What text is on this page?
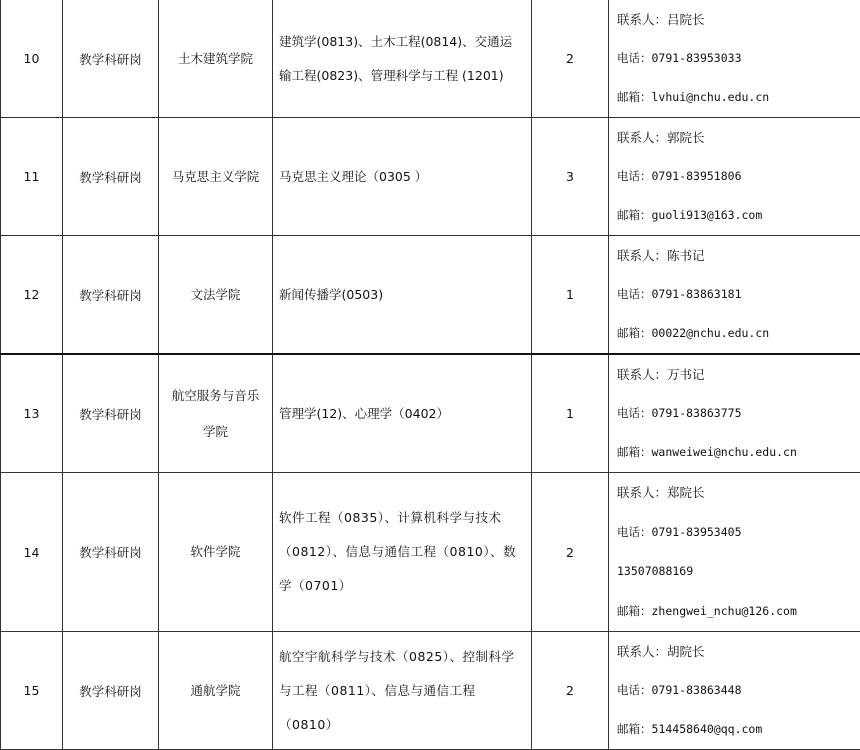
10	教学科研岗	土木建筑学院	建筑学(0813)、土木工程(0814)、交通运
输工程(0823)、管理科学与工程 (1201)	2	联系人：吕院长
电话：0791-83953033
邮箱：lvhui@nchu.edu.cn

11	教学科研岗	马克思主义学院	马克思主义理论（0305 ）	3	联系人：郭院长
电话：0791-83951806
邮箱：guoli913@163.com

12	教学科研岗	文法学院	新闻传播学(0503)	1	联系人：陈书记
电话：0791-83863181
邮箱：00022@nchu.edu.cn

13	教学科研岗	航空服务与音乐
学院	管理学(12)、心理学（0402）	1	联系人：万书记
电话：0791-83863775
邮箱：wanweiwei@nchu.edu.cn

14	教学科研岗	软件学院	软件工程（0835）、计算机科学与技术
（0812）、信息与通信工程（0810）、数
学（0701）	2	联系人：郑院长
电话：0791-83953405
13507088169
邮箱：zhengwei_nchu@126.com

15	教学科研岗	通航学院	航空宇航科学与技术（0825）、控制科学
与工程（0811）、信息与通信工程
（0810）	2	联系人：胡院长
电话：0791-83863448
邮箱：514458640@qq.com
